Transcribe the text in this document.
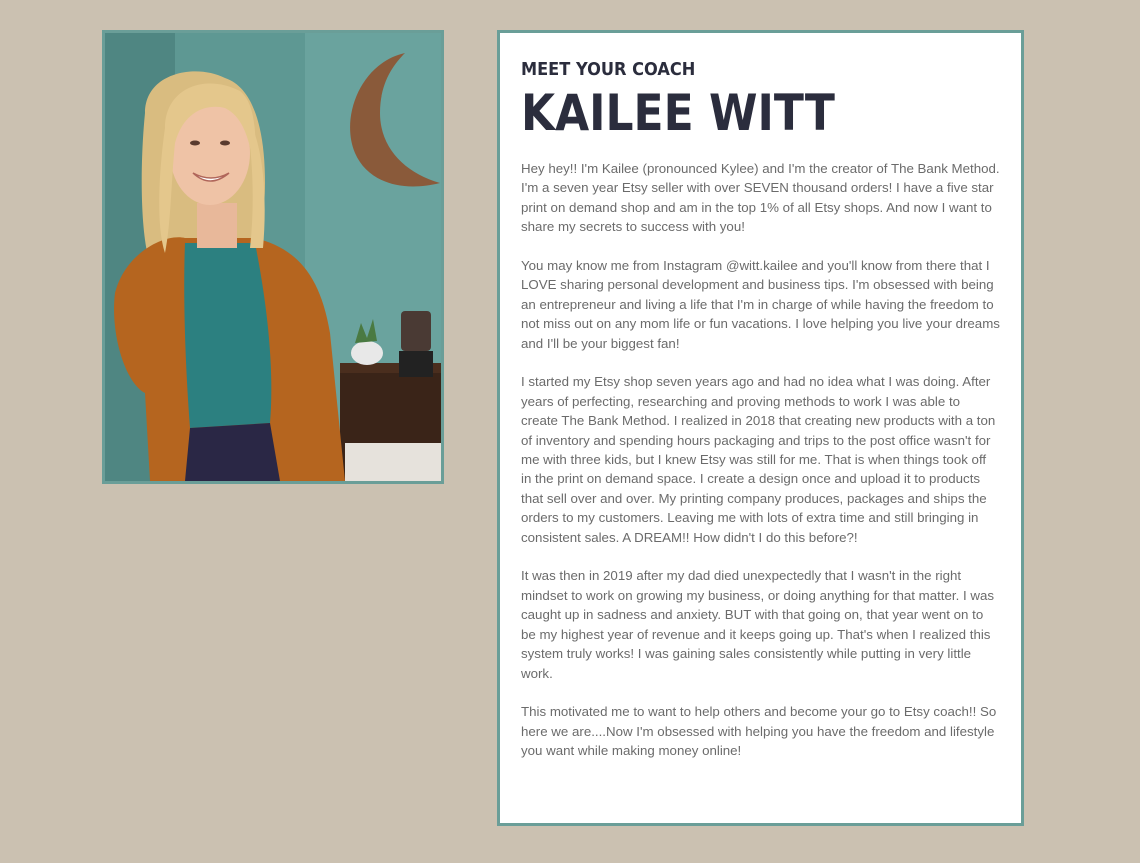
MEET YOUR COACH
KAILEE WITT

Hey hey!! I'm Kailee (pronounced Kylee) and I'm the creator of The Bank Method. I'm a seven year Etsy seller with over SEVEN thousand orders! I have a five star print on demand shop and am in the top 1% of all Etsy shops. And now I want to share my secrets to success with you!

You may know me from Instagram @witt.kailee and you'll know from there that I LOVE sharing personal development and business tips. I'm obsessed with being an entrepreneur and living a life that I'm in charge of while having the freedom to not miss out on any mom life or fun vacations. I love helping you live your dreams and I'll be your biggest fan!

I started my Etsy shop seven years ago and had no idea what I was doing. After years of perfecting, researching and proving methods to work I was able to create The Bank Method. I realized in 2018 that creating new products with a ton of inventory and spending hours packaging and trips to the post office wasn't for me with three kids, but I knew Etsy was still for me. That is when things took off in the print on demand space. I create a design once and upload it to products that sell over and over. My printing company produces, packages and ships the orders to my customers. Leaving me with lots of extra time and still bringing in consistent sales. A DREAM!! How didn't I do this before?!

It was then in 2019 after my dad died unexpectedly that I wasn't in the right mindset to work on growing my business, or doing anything for that matter. I was caught up in sadness and anxiety. BUT with that going on, that year went on to be my highest year of revenue and it keeps going up. That's when I realized this system truly works! I was gaining sales consistently while putting in very little work.

This motivated me to want to help others and become your go to Etsy coach!! So here we are....Now I'm obsessed with helping you have the freedom and lifestyle you want while making money online!
